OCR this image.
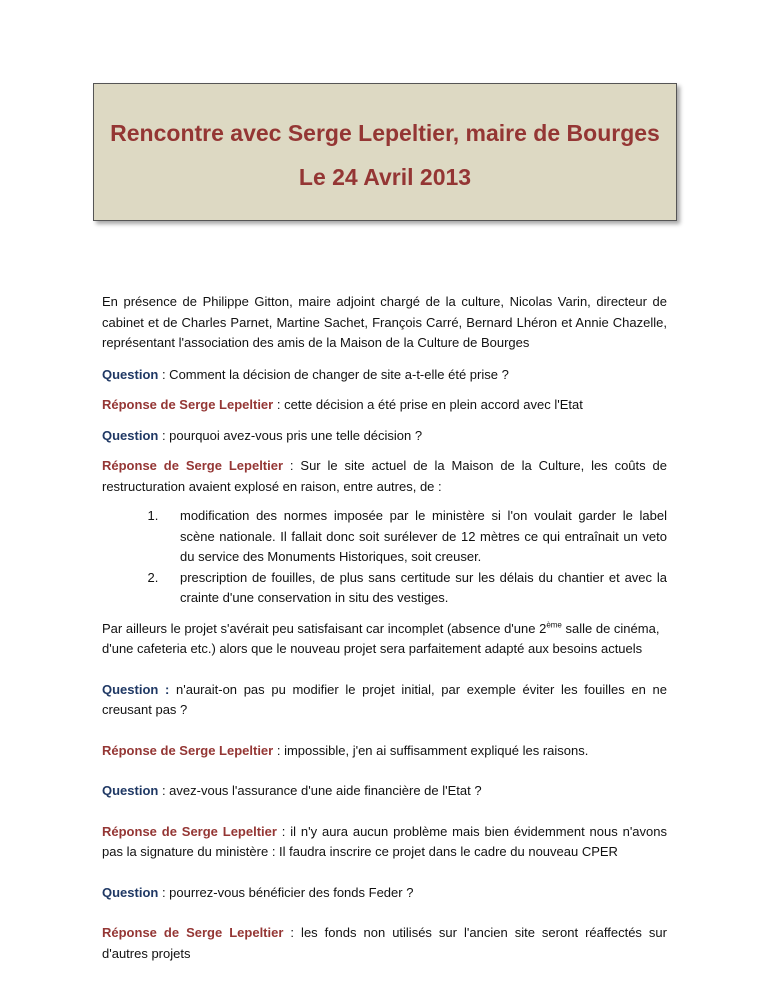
Rencontre avec Serge Lepeltier, maire de Bourges
Le 24 Avril 2013

En présence de Philippe Gitton, maire adjoint chargé de la culture, Nicolas Varin, directeur de cabinet et de Charles Parnet, Martine Sachet, François Carré, Bernard Lhéron et Annie Chazelle, représentant l'association des amis de la Maison de la Culture de Bourges

Question : Comment la décision de changer de site a-t-elle été prise ?

Réponse de Serge Lepeltier : cette décision a été prise en plein accord avec l'Etat

Question : pourquoi avez-vous pris une telle décision ?

Réponse de Serge Lepeltier : Sur le site actuel de la Maison de la Culture, les coûts de restructuration avaient explosé en raison, entre autres, de :

1. modification des normes imposée par le ministère si l'on voulait garder le label scène nationale. Il fallait donc soit surélever de 12 mètres ce qui entraînait un veto du service des Monuments Historiques, soit creuser.
2. prescription de fouilles, de plus sans certitude sur les délais du chantier et avec la crainte d'une conservation in situ des vestiges.

Par ailleurs le projet s'avérait peu satisfaisant car incomplet (absence d'une 2ème salle de cinéma, d'une cafeteria etc.) alors que le nouveau projet sera parfaitement adapté aux besoins actuels

Question : n'aurait-on pas pu modifier le projet initial, par exemple éviter les fouilles en ne creusant pas ?

Réponse de Serge Lepeltier : impossible, j'en ai suffisamment expliqué les raisons.

Question : avez-vous l'assurance d'une aide financière de l'Etat ?

Réponse de Serge Lepeltier : il n'y aura aucun problème mais bien évidemment nous n'avons pas la signature du ministère : Il faudra inscrire ce projet dans le cadre du nouveau CPER

Question : pourrez-vous bénéficier des fonds Feder ?

Réponse de Serge Lepeltier : les fonds non utilisés sur l'ancien site seront réaffectés sur d'autres projets
